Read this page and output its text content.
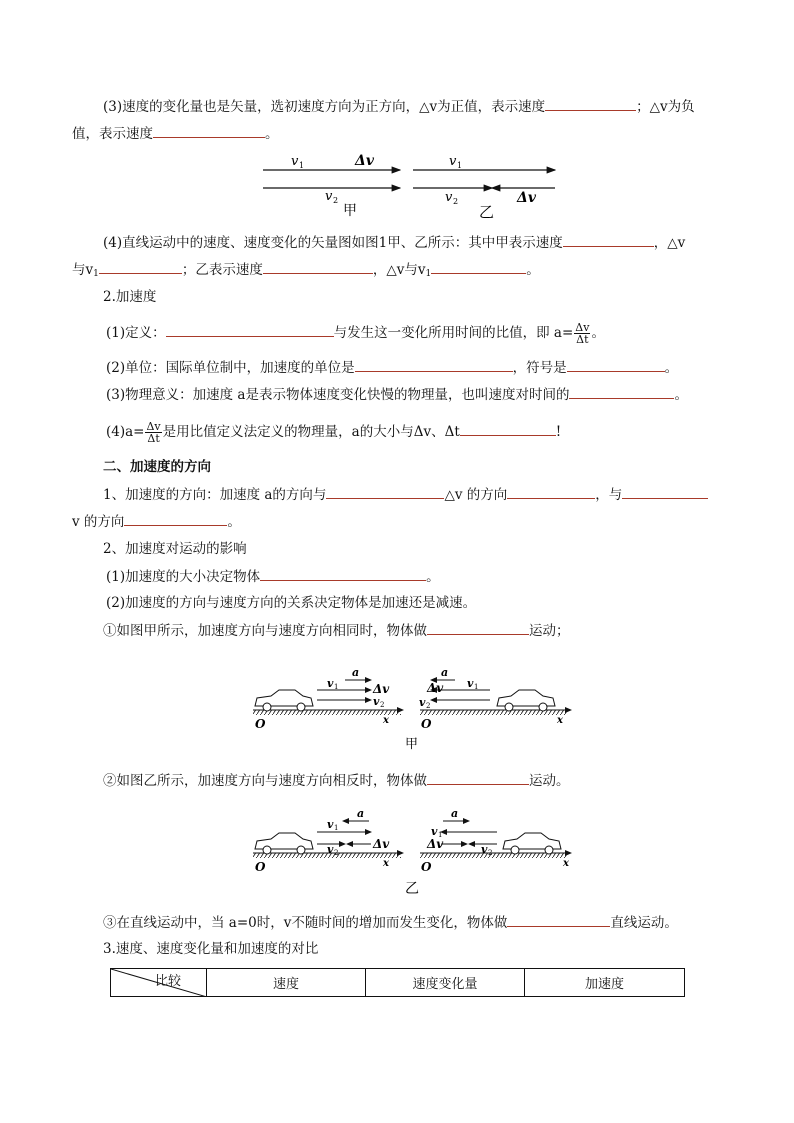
(3)速度的变化量也是矢量，选初速度方向为正方向，△v为正值，表示速度	；△v为负
值，表示速度	。
v 1	Δv
v 2
甲
v 1
v 2	Δv
乙
(4)直线运动中的速度、速度变化的矢量图如图1甲、乙所示：其中甲表示速度	，△v
与$v_1$	；乙表示速度	，△v与$v_1$	。
2.加速度
(1)定义：	与发生这一变化所用时间的比值，即 $a= \frac{\Delta v}{\Delta t}$ 。
(2)单位：国际单位制中，加速度的单位是	，符号是	。
(3)物理意义：加速度 a是表示物体速度变化快慢的物理量，也叫速度对时间的	。
$(4)a= \frac{\Delta v}{\Delta t}$ 是用比值定义法定义的物理量，a的大小与Δv、Δt	!
二、加速度的方向
1、加速度的方向：加速度 a的方向与	△v 的方向	，与
v 的方向	。
2、加速度对运动的影响
(1)加速度的大小决定物体	。
(2)加速度的方向与速度方向的关系决定物体是加速还是减速。
①如图甲所示，加速度方向与速度方向相同时，物体做	运动；
a
v 1	Δv
v 2
O	x
a
Δv v 1
v 2
O	x
甲
②如图乙所示，加速度方向与速度方向相反时，物体做	运动。
a
v 1
v 2
Δv
O	x
a
v 1
Δv	v 2
O	x
乙
③在直线运动中，当 a=0时，v不随时间的增加而发生变化，物体做	直线运动。
3.速度、速度变化量和加速度的对比
比较	速度	速度变化量	加速度
